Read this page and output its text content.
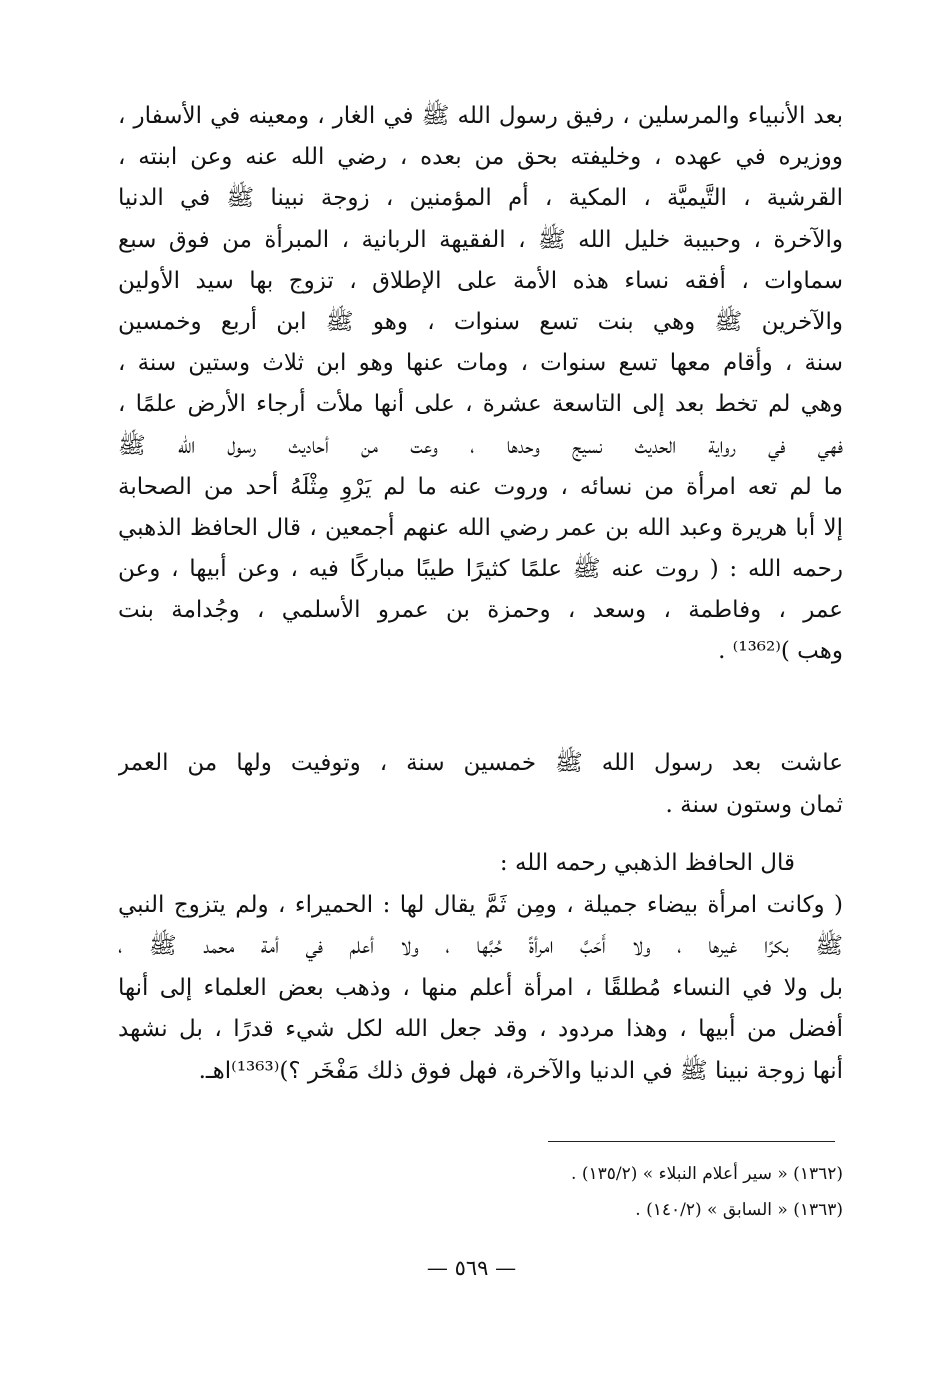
بعد الأنبياء والمرسلين ، رفيق رسول الله ﷺ في الغار ، ومعينه في الأسفار ،
ووزيره في عهده ، وخليفته بحق من بعده ، رضي الله عنه وعن ابنته ،
القرشية ، التَّيميَّة ، المكية ، أم المؤمنين ، زوجة نبينا ﷺ في الدنيا
والآخرة ، وحبيبة خليل الله ﷺ ، الفقيهة الربانية ، المبرأة من فوق سبع
سماوات ، أفقه نساء هذه الأمة على الإطلاق ، تزوج بها سيد الأولين
والآخرين ﷺ وهي بنت تسع سنوات ، وهو ﷺ ابن أربع وخمسين
سنة ، وأقام معها تسع سنوات ، ومات عنها وهو ابن ثلاث وستين سنة ،
وهي لم تخط بعد إلى التاسعة عشرة ، على أنها ملأت أرجاء الأرض علمًا ،
فهي في رواية الحديث نسيج وحدها ، وعت من أحاديث رسول الله ﷺ
ما لم تعه امرأة من نسائه ، وروت عنه ما لم يَرْوِ مِثْلَهُ أحد من الصحابة
إلا أبا هريرة وعبد الله بن عمر رضي الله عنهم أجمعين ، قال الحافظ الذهبي
رحمه الله : ( روت عنه ﷺ علمًا كثيرًا طيبًا مباركًا فيه ، وعن أبيها ، وعن
عمر ، وفاطمة ، وسعد ، وحمزة بن عمرو الأسلمي ، وجُدامة بنت
وهب )⁽¹³⁶²⁾ .
عاشت بعد رسول الله ﷺ خمسين سنة ، وتوفيت ولها من العمر
ثمان وستون سنة .
قال الحافظ الذهبي رحمه الله :
( وكانت امرأة بيضاء جميلة ، ومِن ثَمَّ يقال لها : الحميراء ، ولم يتزوج النبي
ﷺ بكرًا غيرها ، ولا أَحَبَّ امرأةً حُبَّها ، ولا أعلم في أمة محمد ﷺ ،
بل ولا في النساء مُطلقًا ، امرأة أعلم منها ، وذهب بعض العلماء إلى أنها
أفضل من أبيها ، وهذا مردود ، وقد جعل الله لكل شيء قدرًا ، بل نشهد
أنها زوجة نبينا ﷺ في الدنيا والآخرة، فهل فوق ذلك مَفْخَر ؟)⁽¹³⁶³⁾اهـ.
(١٣٦٢) « سير أعلام النبلاء » (١٣٥/٢) .
(١٣٦٣) « السابق » (١٤٠/٢) .
— ٥٦٩ —
